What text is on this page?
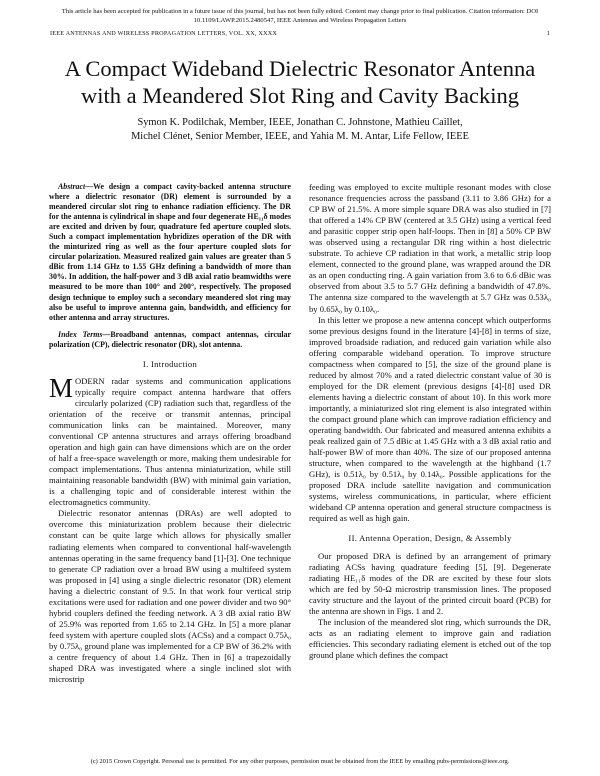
This article has been accepted for publication in a future issue of this journal, but has not been fully edited. Content may change prior to final publication. Citation information: DOI
10.1109/LAWP.2015.2480547, IEEE Antennas and Wireless Propagation Letters
IEEE ANTENNAS AND WIRELESS PROPAGATION LETTERS, VOL. XX, XXXX	1
A Compact Wideband Dielectric Resonator Antenna
with a Meandered Slot Ring and Cavity Backing
Symon K. Podilchak, Member, IEEE, Jonathan C. Johnstone, Mathieu Caillet,
Michel Clénet, Senior Member, IEEE, and Yahia M. M. Antar, Life Fellow, IEEE

Abstract—We design a compact cavity-backed antenna structure where a dielectric resonator (DR) element is surrounded by a meandered circular slot ring to enhance radiation efficiency. The DR for the antenna is cylindrical in shape and four degenerate HE₁₁δ modes are excited and driven by four, quadrature fed aperture coupled slots. Such a compact implementation hybridizes operation of the DR with the minturized ring as well as the four aperture coupled slots for circular polarization. Measured realized gain values are greater than 5 dBic from 1.14 GHz to 1.55 GHz defining a bandwidth of more than 30%. In addition, the half-power and 3 dB axial ratio beamwidths were measured to be more than 100° and 200°, respectively. The proposed design technique to employ such a secondary meandered slot ring may also be useful to improve antenna gain, bandwidth, and efficiency for other antenna and array structures.

Index Terms—Broadband antennas, compact antennas, circular polarization (CP), dielectric resonator (DR), slot antenna.

I. Introduction

MODERN radar systems and communication applications typically require compact antenna hardware that offers circularly polarized (CP) radiation such that, regardless of the orientation of the receive or transmit antennas, principal communication links can be maintained. Moreover, many conventional CP antenna structures and arrays offering broadband operation and high gain can have dimensions which are on the order of half a free-space wavelength or more, making them undesirable for compact implementations. Thus antenna miniaturization, while still maintaining reasonable bandwidth (BW) with minimal gain variation, is a challenging topic and of considerable interest within the electromagnetics community.

Dielectric resonator antennas (DRAs) are well adopted to overcome this miniaturization problem because their dielectric constant can be quite large which allows for physically smaller radiating elements when compared to conventional half-wavelength antennas operating in the same frequency band [1]-[3]. One technique to generate CP radiation over a broad BW using a multifeed system was proposed in [4] using a single dielectric resonator (DR) element having a dielectric constant of 9.5. In that work four vertical strip excitations were used for radiation and one power divider and two 90° hybrid couplers defined the feeding network. A 3 dB axial ratio BW of 25.9% was reported from 1.65 to 2.14 GHz. In [5] a more planar feed system with aperture coupled slots (ACSs) and a compact 0.75λ₀ by 0.75λ₀ ground plane was implemented for a CP BW of 36.2% with a centre frequency of about 1.4 GHz. Then in [6] a trapezoidally shaped DRA was investigated where a single inclined slot with microstrip

feeding was employed to excite multiple resonant modes with close resonance frequencies across the passband (3.11 to 3.86 GHz) for a CP BW of 21.5%. A more simple square DRA was also studied in [7] that offered a 14% CP BW (centered at 3.5 GHz) using a vertical feed and parasitic copper strip open half-loops. Then in [8] a 50% CP BW was observed using a rectangular DR ring within a host dielectric substrate. To achieve CP radiation in that work, a metallic strip loop element, connected to the ground plane, was wrapped around the DR as an open conducting ring. A gain variation from 3.6 to 6.6 dBic was observed from about 3.5 to 5.7 GHz defining a bandwidth of 47.8%. The antenna size compared to the wavelength at 5.7 GHz was 0.53λ₀ by 0.65λ₀ by 0.10λ₀.

In this letter we propose a new antenna concept which outperforms some previous designs found in the literature [4]-[8] in terms of size, improved broadside radiation, and reduced gain variation while also offering comparable wideband operation. To improve structure compactness when compared to [5], the size of the ground plane is reduced by almost 70% and a rated dielectric constant value of 30 is employed for the DR element (previous designs [4]-[8] used DR elements having a dielectric constant of about 10). In this work more importantly, a miniaturized slot ring element is also integrated within the compact ground plane which can improve radiation efficiency and operating bandwidth. Our fabricated and measured antenna exhibits a peak realized gain of 7.5 dBic at 1.45 GHz with a 3 dB axial ratio and half-power BW of more than 40%. The size of our proposed antenna structure, when compared to the wavelength at the highband (1.7 GHz), is 0.51λ₀ by 0.51λ₀ by 0.14λ₀. Possible applications for the proposed DRA include satellite navigation and communication systems, wireless communications, in particular, where efficient wideband CP antenna operation and general structure compactness is required as well as high gain.

II. Antenna Operation, Design, & Assembly

Our proposed DRA is defined by an arrangement of primary radiating ACSs having quadrature feeding [5], [9]. Degenerate radiating HE₁₁δ modes of the DR are excited by these four slots which are fed by 50-Ω microstrip transmission lines. The proposed cavity structure and the layout of the printed circuit board (PCB) for the antenna are shown in Figs. 1 and 2.

The inclusion of the meandered slot ring, which surrounds the DR, acts as an radiating element to improve gain and radiation efficiencies. This secondary radiating element is etched out of the top ground plane which defines the compact

(c) 2015 Crown Copyright. Personal use is permitted. For any other purposes, permission must be obtained from the IEEE by emailing pubs-permissions@ieee.org.
